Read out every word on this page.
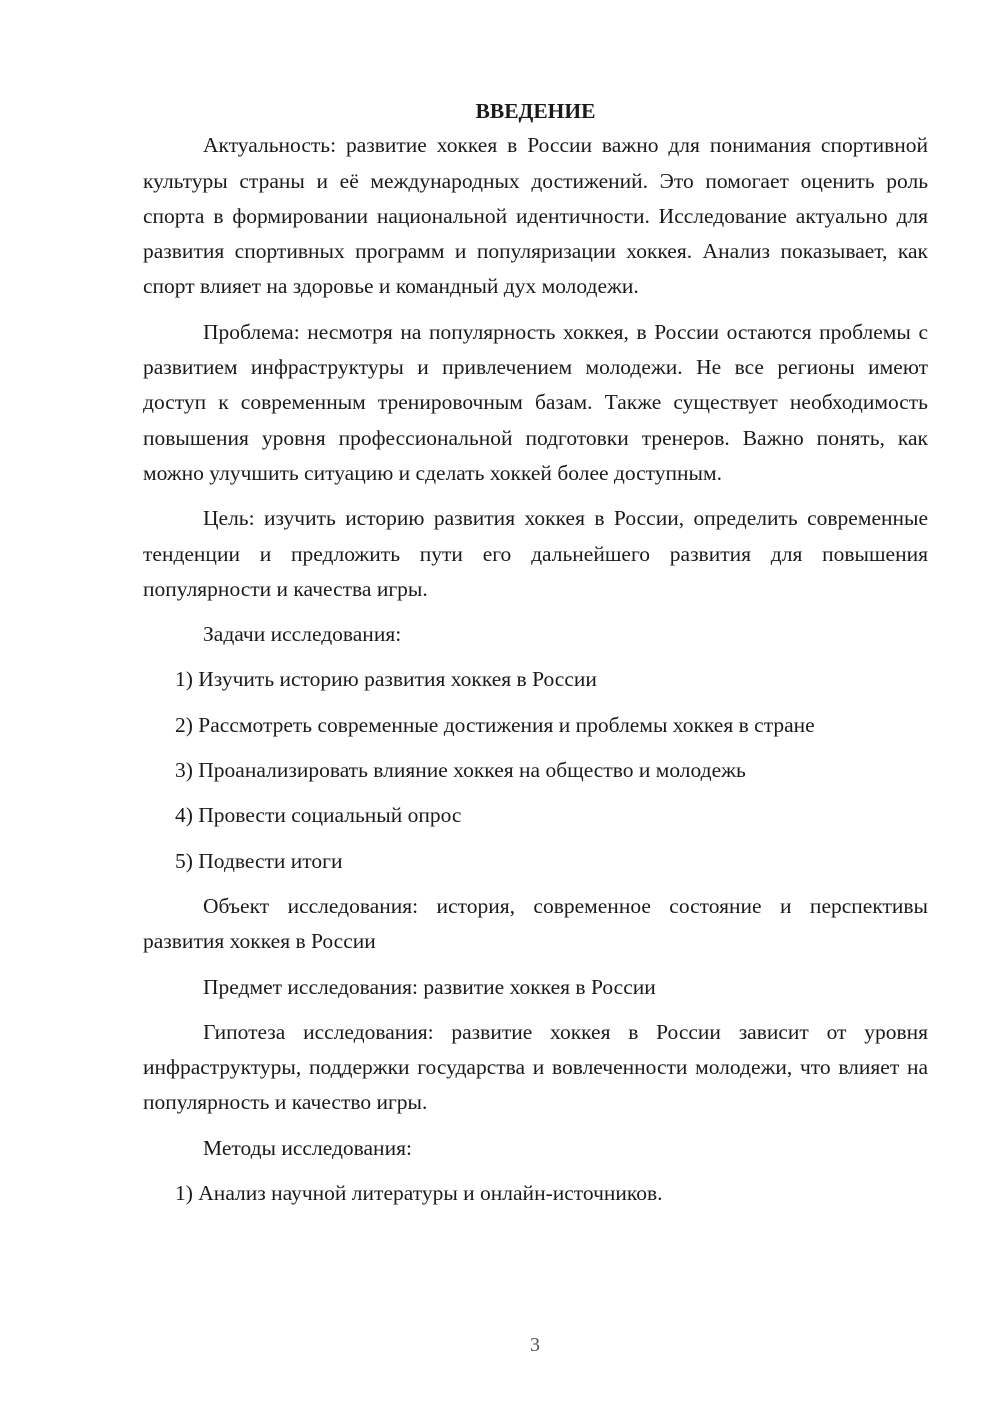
ВВЕДЕНИЕ

Актуальность: развитие хоккея в России важно для понимания спортивной культуры страны и её международных достижений. Это помогает оценить роль спорта в формировании национальной идентичности. Исследование актуально для развития спортивных программ и популяризации хоккея. Анализ показывает, как спорт влияет на здоровье и командный дух молодежи.

Проблема: несмотря на популярность хоккея, в России остаются проблемы с развитием инфраструктуры и привлечением молодежи. Не все регионы имеют доступ к современным тренировочным базам. Также существует необходимость повышения уровня профессиональной подготовки тренеров. Важно понять, как можно улучшить ситуацию и сделать хоккей более доступным.

Цель: изучить историю развития хоккея в России, определить современные тенденции и предложить пути его дальнейшего развития для повышения популярности и качества игры.

Задачи исследования:

1) Изучить историю развития хоккея в России
2) Рассмотреть современные достижения и проблемы хоккея в стране
3) Проанализировать влияние хоккея на общество и молодежь
4) Провести социальный опрос
5) Подвести итоги

Объект исследования: история, современное состояние и перспективы развития хоккея в России

Предмет исследования: развитие хоккея в России

Гипотеза исследования: развитие хоккея в России зависит от уровня инфраструктуры, поддержки государства и вовлеченности молодежи, что влияет на популярность и качество игры.

Методы исследования:

1) Анализ научной литературы и онлайн-источников.
3
